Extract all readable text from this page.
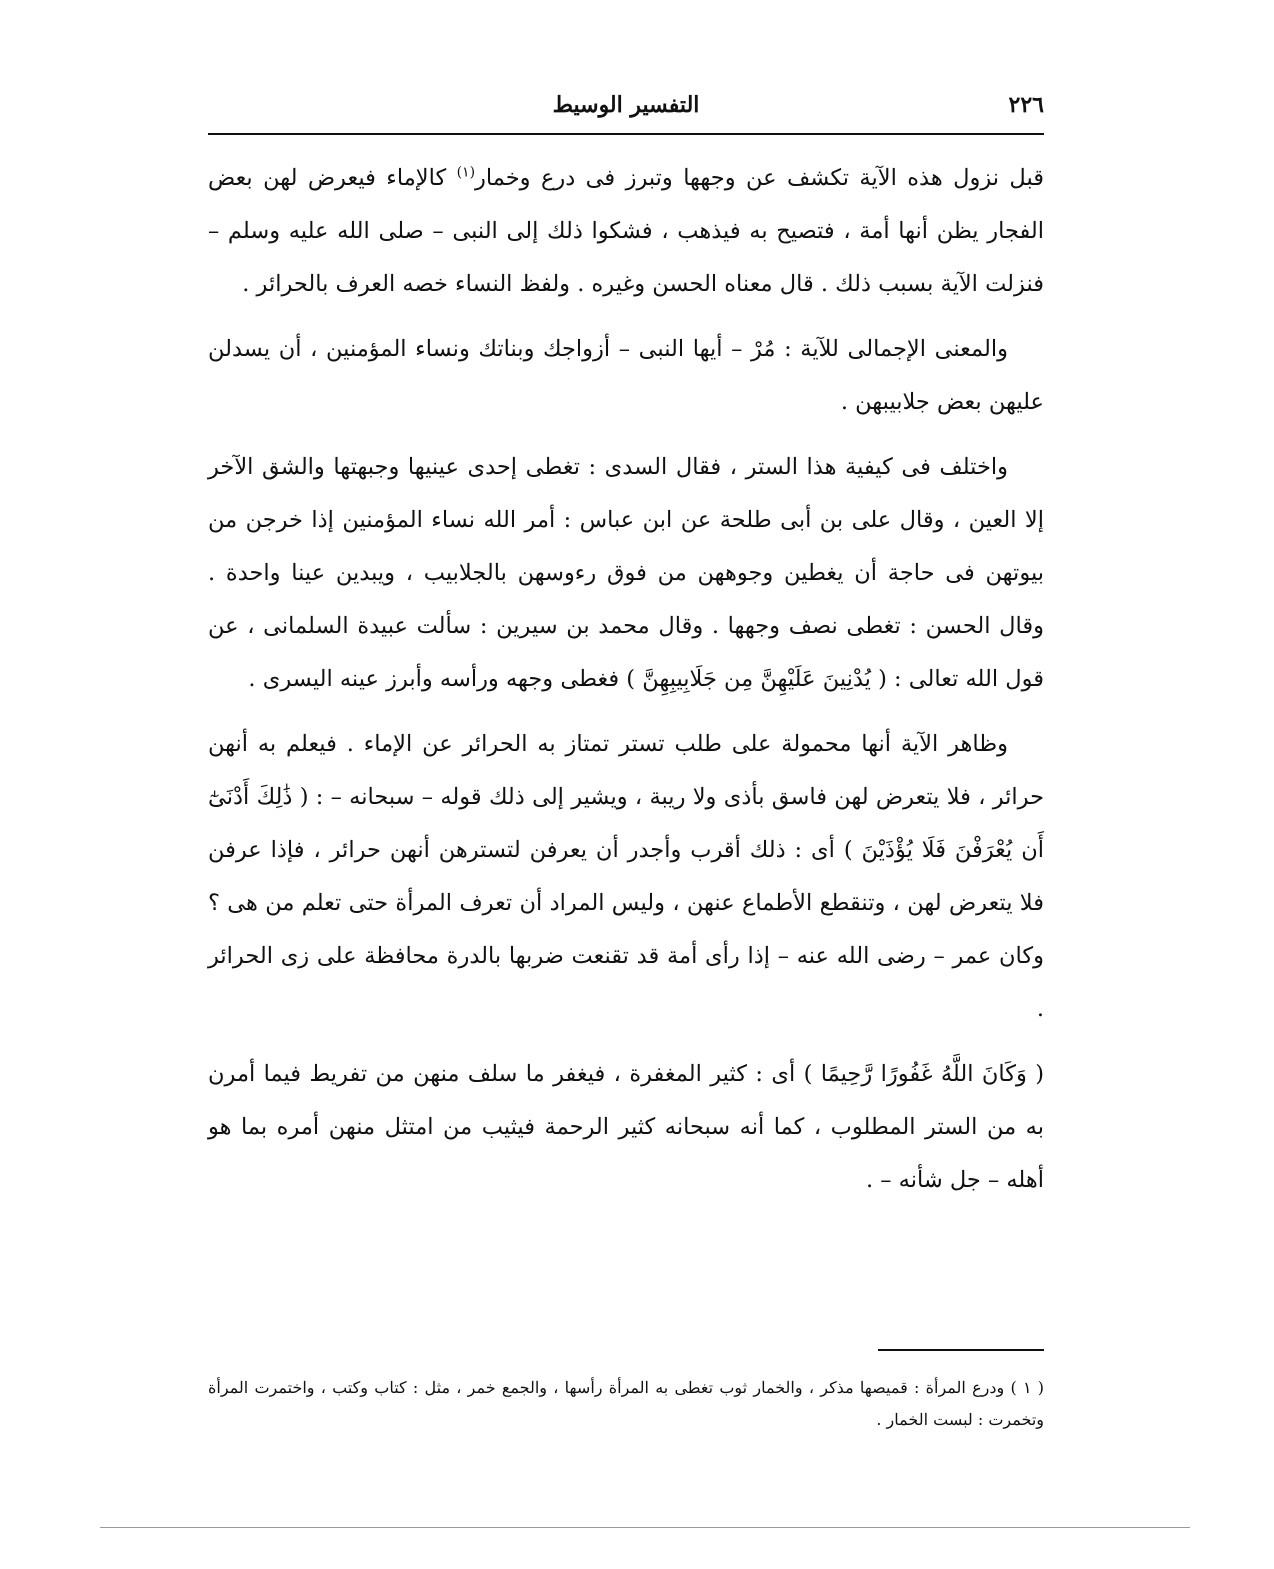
٢٢٦
التفسير الوسيط

قبل نزول هذه الآية تكشف عن وجهها وتبرز فى درع وخمار$^{(١)}$ كالإماء فيعرض لهن بعض الفجار يظن أنها أمة ، فتصيح به فيذهب ، فشكوا ذلك إلى النبى – صلى الله عليه وسلم – فنزلت الآية بسبب ذلك . قال معناه الحسن وغيره . ولفظ النساء خصه العرف بالحرائر .

والمعنى الإجمالى للآية : مُرْ – أيها النبى – أزواجك وبناتك ونساء المؤمنين ، أن يسدلن عليهن بعض جلابيبهن .

واختلف فى كيفية هذا الستر ، فقال السدى : تغطى إحدى عينيها وجبهتها والشق الآخر إلا العين ، وقال على بن أبى طلحة عن ابن عباس : أمر الله نساء المؤمنين إذا خرجن من بيوتهن فى حاجة أن يغطين وجوههن من فوق رءوسهن بالجلابيب ، ويبدين عينا واحدة . وقال الحسن : تغطى نصف وجهها . وقال محمد بن سيرين : سألت عبيدة السلمانى ، عن قول الله تعالى : ( يُدْنِينَ عَلَيْهِنَّ مِن جَلَابِيبِهِنَّ ) فغطى وجهه ورأسه وأبرز عينه اليسرى .

وظاهر الآية أنها محمولة على طلب تستر تمتاز به الحرائر عن الإماء . فيعلم به أنهن حرائر ، فلا يتعرض لهن فاسق بأذى ولا ريبة ، ويشير إلى ذلك قوله – سبحانه – : ( ذَٰلِكَ أَدْنَىٰٓ أَن يُعْرَفْنَ فَلَا يُؤْذَيْنَ ) أى : ذلك أقرب وأجدر أن يعرفن لتسترهن أنهن حرائر ، فإذا عرفن فلا يتعرض لهن ، وتنقطع الأطماع عنهن ، وليس المراد أن تعرف المرأة حتى تعلم من هى ؟ وكان عمر – رضى الله عنه – إذا رأى أمة قد تقنعت ضربها بالدرة محافظة على زى الحرائر .

( وَكَانَ اللَّهُ غَفُورًا رَّحِيمًا ) أى : كثير المغفرة ، فيغفر ما سلف منهن من تفريط فيما أمرن به من الستر المطلوب ، كما أنه سبحانه كثير الرحمة فيثيب من امتثل منهن أمره بما هو أهله – جل شأنه – .

( ١ ) ودرع المرأة : قميصها مذكر ، والخمار ثوب تغطى به المرأة رأسها ، والجمع خمر ، مثل : كتاب وكتب ، واختمرت المرأة وتخمرت : لبست الخمار .
